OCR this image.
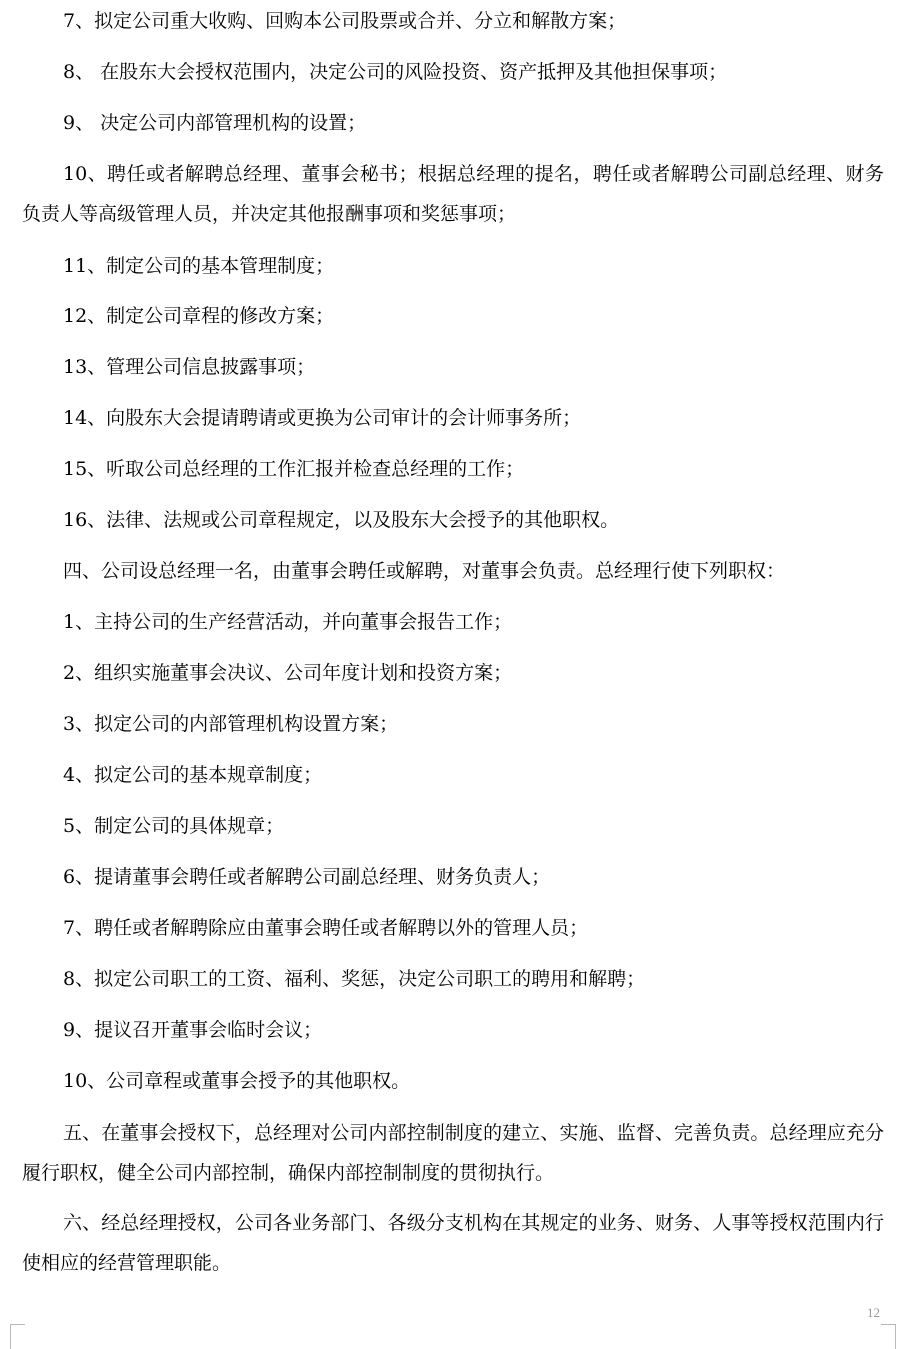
7、拟定公司重大收购、回购本公司股票或合并、分立和解散方案；

8、 在股东大会授权范围内，决定公司的风险投资、资产抵押及其他担保事项；

9、 决定公司内部管理机构的设置；

10、聘任或者解聘总经理、董事会秘书；根据总经理的提名，聘任或者解聘公司副总经理、财务负责人等高级管理人员，并决定其他报酬事项和奖惩事项；

11、制定公司的基本管理制度；

12、制定公司章程的修改方案；

13、管理公司信息披露事项；

14、向股东大会提请聘请或更换为公司审计的会计师事务所；

15、听取公司总经理的工作汇报并检查总经理的工作；

16、法律、法规或公司章程规定，以及股东大会授予的其他职权。

四、公司设总经理一名，由董事会聘任或解聘，对董事会负责。总经理行使下列职权：

1、主持公司的生产经营活动，并向董事会报告工作；

2、组织实施董事会决议、公司年度计划和投资方案；

3、拟定公司的内部管理机构设置方案；

4、拟定公司的基本规章制度；

5、制定公司的具体规章；

6、提请董事会聘任或者解聘公司副总经理、财务负责人；

7、聘任或者解聘除应由董事会聘任或者解聘以外的管理人员；

8、拟定公司职工的工资、福利、奖惩，决定公司职工的聘用和解聘；

9、提议召开董事会临时会议；

10、公司章程或董事会授予的其他职权。

五、在董事会授权下，总经理对公司内部控制制度的建立、实施、监督、完善负责。总经理应充分履行职权，健全公司内部控制，确保内部控制制度的贯彻执行。

六、经总经理授权，公司各业务部门、各级分支机构在其规定的业务、财务、人事等授权范围内行使相应的经营管理职能。

12
